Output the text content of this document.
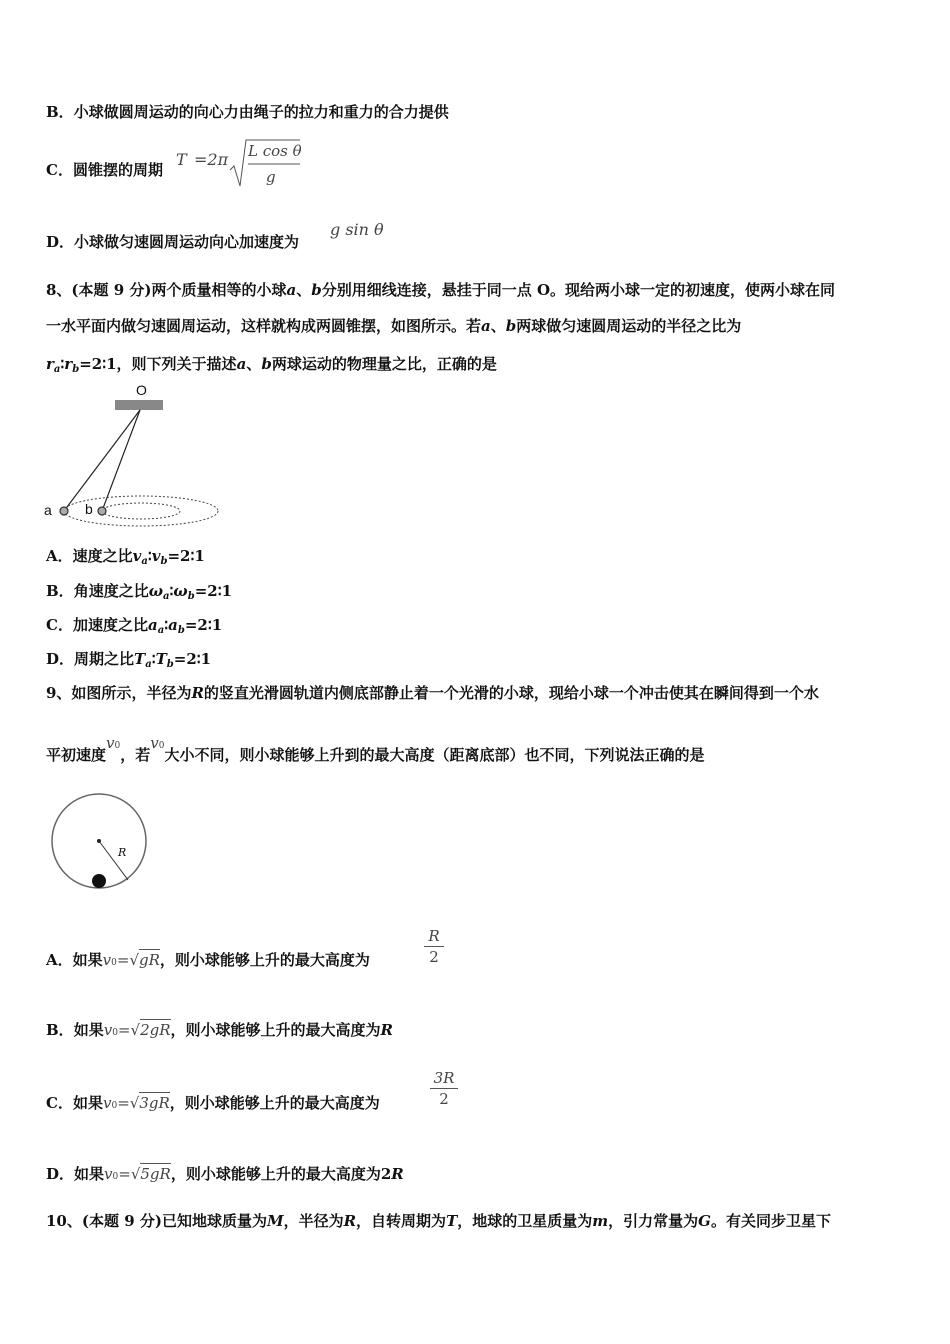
B．小球做圆周运动的向心力由绳子的拉力和重力的合力提供
C．圆锥摆的周期
T =2π L cos θ
g
D．小球做匀速圆周运动向心加速度为
g sin θ
8、(本题 9 分)两个质量相等的小球a、b分别用细线连接，悬挂于同一点 O。现给两小球一定的初速度，使两小球在同
一水平面内做匀速圆周运动，这样就构成两圆锥摆，如图所示。若a、b两球做匀速圆周运动的半径之比为
$r_a∶r_b=2∶1$，则下列关于描述a、b两球运动的物理量之比，正确的是
O
a b
A．速度之比$v_a∶v_b=2∶1$
B．角速度之比$\omega_a∶\omega_b=2∶1$
C．加速度之比$a_a∶a_b=2∶1$
D．周期之比$T_a∶T_b=2∶1$
9、如图所示，半径为R的竖直光滑圆轨道内侧底部静止着一个光滑的小球，现给小球一个冲击使其在瞬间得到一个水
平初速度v0，若v0大小不同，则小球能够上升到的最大高度（距离底部）也不同，下列说法正确的是
R
A．如果v0=√gR，则小球能够上升的最大高度为	$\frac{R}{2}$
B．如果v0=√2gR，则小球能够上升的最大高度为R
C．如果v0=√3gR，则小球能够上升的最大高度为	$\frac{3R}{2}$
D．如果v0=√5gR，则小球能够上升的最大高度为2R
10、(本题 9 分)已知地球质量为M，半径为R，自转周期为T，地球的卫星质量为m，引力常量为G。有关同步卫星下
